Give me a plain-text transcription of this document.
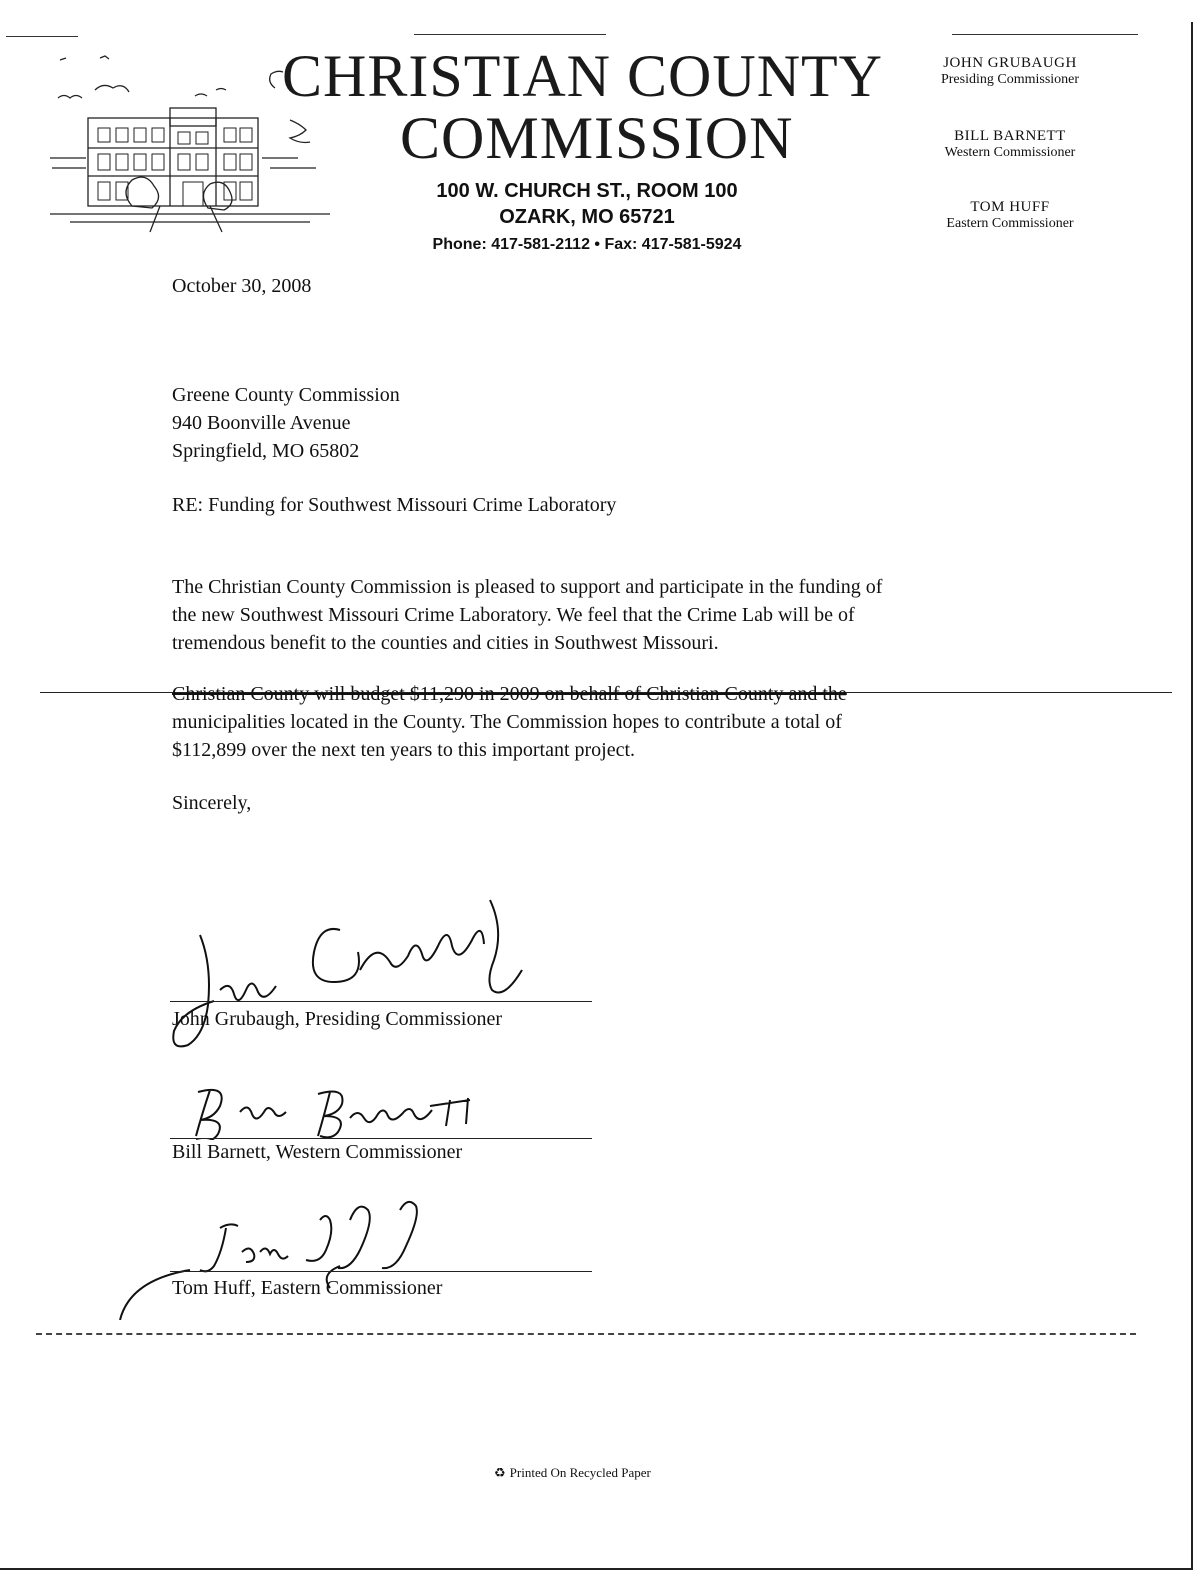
CHRISTIAN COUNTY
COMMISSION
100 W. CHURCH ST., ROOM 100
OZARK, MO 65721
Phone: 417-581-2112 • Fax: 417-581-5924
JOHN GRUBAUGH
Presiding Commissioner
BILL BARNETT
Western Commissioner
TOM HUFF
Eastern Commissioner
October 30, 2008
Greene County Commission
940 Boonville Avenue
Springfield, MO 65802
RE: Funding for Southwest Missouri Crime Laboratory
The Christian County Commission is pleased to support and participate in the funding of
the new Southwest Missouri Crime Laboratory. We feel that the Crime Lab will be of
tremendous benefit to the counties and cities in Southwest Missouri.
Christian County will budget $11,290 in 2009 on behalf of Christian County and the
municipalities located in the County. The Commission hopes to contribute a total of
$112,899 over the next ten years to this important project.
Sincerely,
John Grubaugh, Presiding Commissioner
Bill Barnett, Western Commissioner
Tom Huff, Eastern Commissioner
♻ Printed On Recycled Paper
